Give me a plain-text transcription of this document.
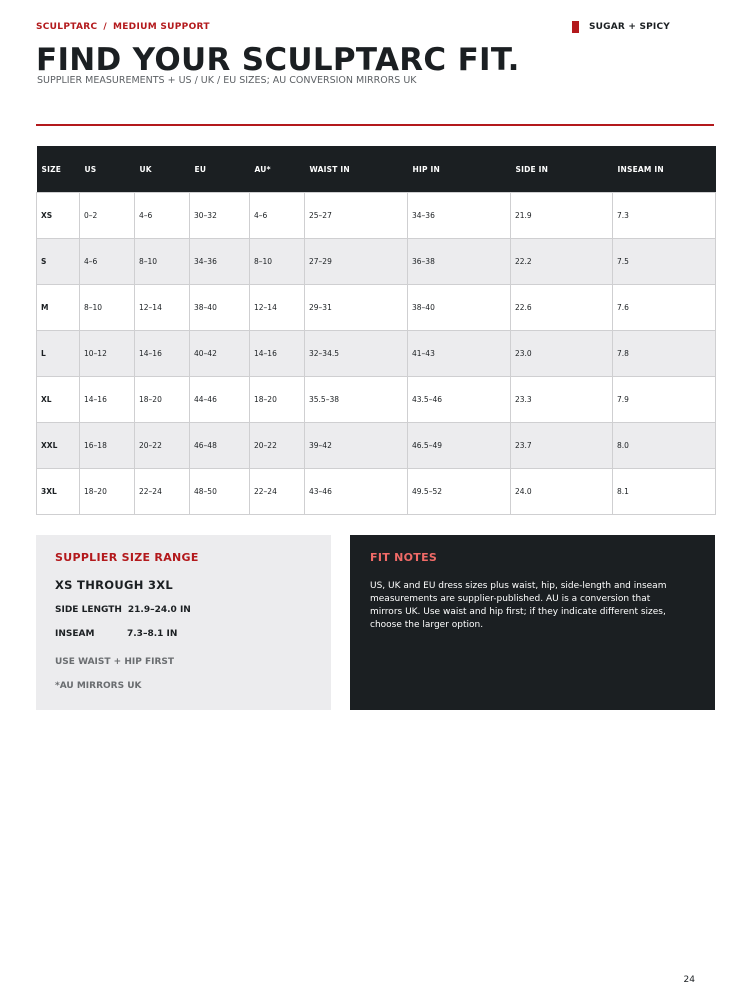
SCULPTARC / MEDIUM SUPPORT	SUGAR + SPICY
FIND YOUR SCULPTARC FIT.
SUPPLIER MEASUREMENTS + US / UK / EU SIZES; AU CONVERSION MIRRORS UK
SIZE	US	UK	EU	AU*	WAIST IN	HIP IN	SIDE IN	INSEAM IN
XS	0–2	4–6	30–32	4–6	25–27	34–36	21.9	7.3
S	4–6	8–10	34–36	8–10	27–29	36–38	22.2	7.5
M	8–10	12–14	38–40	12–14	29–31	38–40	22.6	7.6
L	10–12	14–16	40–42	14–16	32–34.5	41–43	23.0	7.8
XL	14–16	18–20	44–46	18–20	35.5–38	43.5–46	23.3	7.9
XXL	16–18	20–22	46–48	20–22	39–42	46.5–49	23.7	8.0
3XL	18–20	22–24	48–50	22–24	43–46	49.5–52	24.0	8.1
SUPPLIER SIZE RANGE
XS THROUGH 3XL
SIDE LENGTH 21.9–24.0 IN
INSEAM	7.3–8.1 IN
USE WAIST + HIP FIRST
*AU MIRRORS UK
FIT NOTES
US, UK and EU dress sizes plus waist, hip, side-length and inseam measurements are supplier-published. AU is a conversion that mirrors UK. Use waist and hip first; if they indicate different sizes, choose the larger option.
24
